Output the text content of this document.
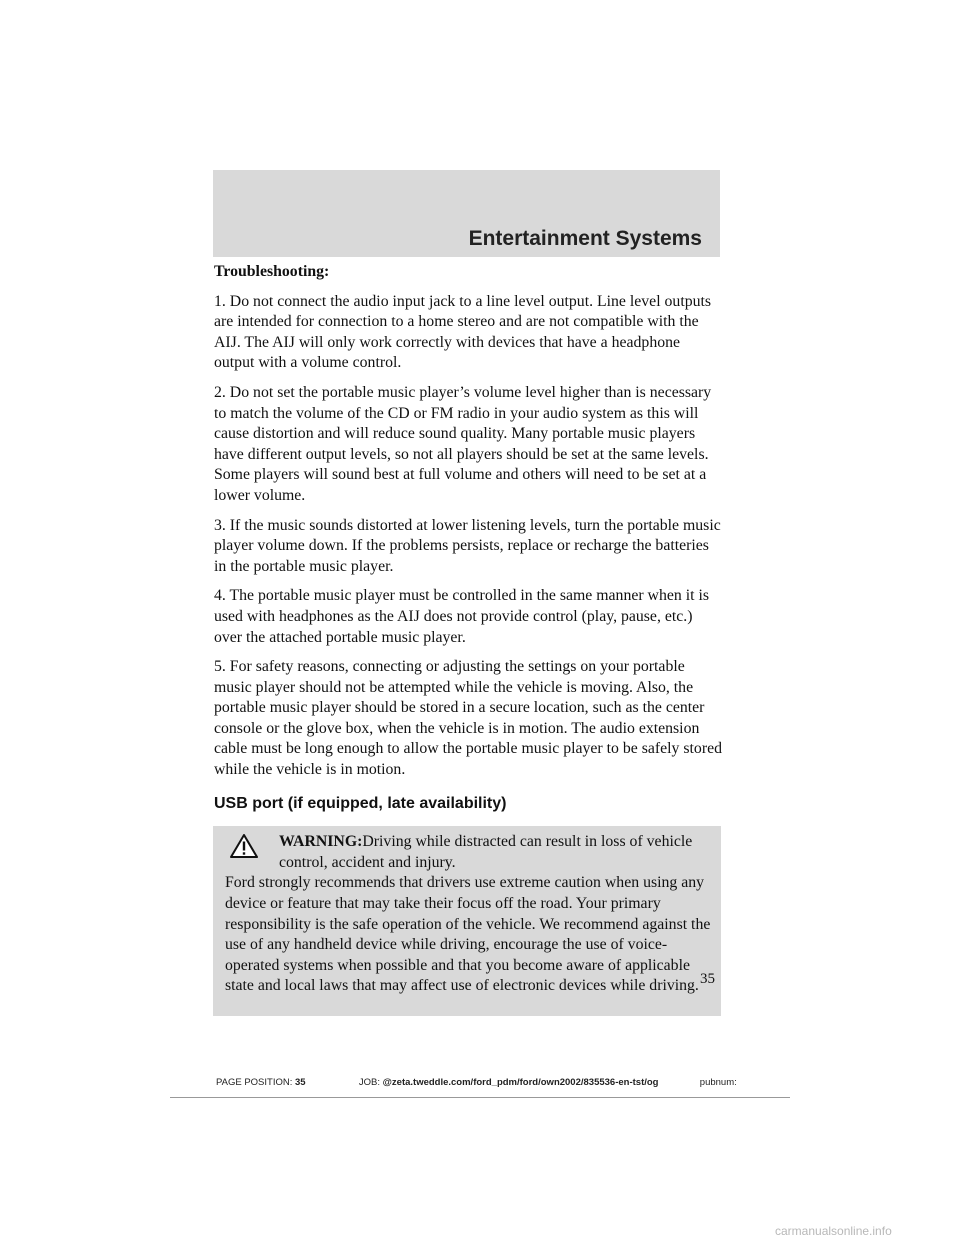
Entertainment Systems

Troubleshooting:

1. Do not connect the audio input jack to a line level output. Line level outputs are intended for connection to a home stereo and are not compatible with the AIJ. The AIJ will only work correctly with devices that have a headphone output with a volume control.

2. Do not set the portable music player’s volume level higher than is necessary to match the volume of the CD or FM radio in your audio system as this will cause distortion and will reduce sound quality. Many portable music players have different output levels, so not all players should be set at the same levels. Some players will sound best at full volume and others will need to be set at a lower volume.

3. If the music sounds distorted at lower listening levels, turn the portable music player volume down. If the problems persists, replace or recharge the batteries in the portable music player.

4. The portable music player must be controlled in the same manner when it is used with headphones as the AIJ does not provide control (play, pause, etc.) over the attached portable music player.

5. For safety reasons, connecting or adjusting the settings on your portable music player should not be attempted while the vehicle is moving. Also, the portable music player should be stored in a secure location, such as the center console or the glove box, when the vehicle is in motion. The audio extension cable must be long enough to allow the portable music player to be safely stored while the vehicle is in motion.

USB port (if equipped, late availability)

WARNING:Driving while distracted can result in loss of vehicle control, accident and injury.
Ford strongly recommends that drivers use extreme caution when using any device or feature that may take their focus off the road. Your primary responsibility is the safe operation of the vehicle. We recommend against the use of any handheld device while driving, encourage the use of voice-operated systems when possible and that you become aware of applicable state and local laws that may affect use of electronic devices while driving. 35
PAGE POSITION: 35	JOB: @zeta.tweddle.com/ford_pdm/ford/own2002/835536-en-tst/og	pubnum:
carmanualsonline.info
